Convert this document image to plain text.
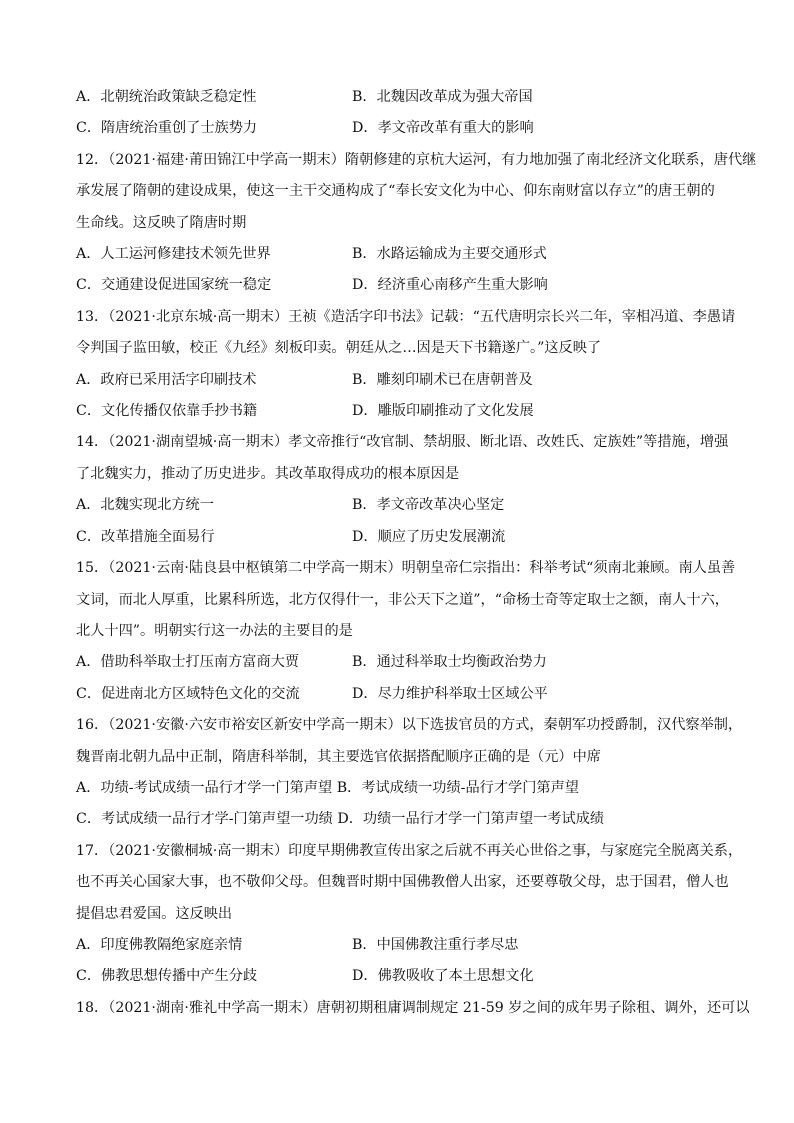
A．北朝统治政策缺乏稳定性	B．北魏因改革成为强大帝国
C．隋唐统治重创了士族势力	D．孝文帝改革有重大的影响
12．（2021·福建·莆田锦江中学高一期末）隋朝修建的京杭大运河，有力地加强了南北经济文化联系，唐代继
承发展了隋朝的建设成果，使这一主干交通构成了“奉长安文化为中心、仰东南财富以存立”的唐王朝的
生命线。这反映了隋唐时期
A．人工运河修建技术领先世界	B．水路运输成为主要交通形式
C．交通建设促进国家统一稳定	D．经济重心南移产生重大影响
13．（2021·北京东城·高一期末）王祯《造活字印书法》记载：“五代唐明宗长兴二年，宰相冯道、李愚请
令判国子监田敏，校正《九经》刻板印卖。朝廷从之…因是天下书籍遂广。”这反映了
A．政府已采用活字印刷技术	B．雕刻印刷术已在唐朝普及
C．文化传播仅依靠手抄书籍	D．雕版印刷推动了文化发展
14．（2021·湖南望城·高一期末）孝文帝推行“改官制、禁胡服、断北语、改姓氏、定族姓”等措施，增强
了北魏实力，推动了历史进步。其改革取得成功的根本原因是
A．北魏实现北方统一	B．孝文帝改革决心坚定
C．改革措施全面易行	D．顺应了历史发展潮流
15．（2021·云南·陆良县中枢镇第二中学高一期末）明朝皇帝仁宗指出：科举考试“须南北兼顾。南人虽善
文词，而北人厚重，比累科所选，北方仅得什一，非公天下之道”，“命杨士奇等定取士之额，南人十六，
北人十四”。明朝实行这一办法的主要目的是
A．借助科举取士打压南方富商大贾	B．通过科举取士均衡政治势力
C．促进南北方区域特色文化的交流	D．尽力维护科举取士区域公平
16．（2021·安徽·六安市裕安区新安中学高一期末）以下选拔官员的方式，秦朝军功授爵制，汉代察举制，
魏晋南北朝九品中正制，隋唐科举制，其主要选官依据搭配顺序正确的是（元）中席
A．功绩-考试成绩一品行才学一门第声望 B．考试成绩一功绩-品行才学门第声望
C．考试成绩一品行才学-门第声望一功绩 D．功绩一品行才学一门第声望一考试成绩
17．（2021·安徽桐城·高一期末）印度早期佛教宣传出家之后就不再关心世俗之事，与家庭完全脱离关系，
也不再关心国家大事，也不敬仰父母。但魏晋时期中国佛教僧人出家，还要尊敬父母，忠于国君，僧人也
提倡忠君爱国。这反映出
A．印度佛教隔绝家庭亲情	B．中国佛教注重行孝尽忠
C．佛教思想传播中产生分歧	D．佛教吸收了本土思想文化
18．（2021·湖南·雅礼中学高一期末）唐朝初期租庸调制规定 21-59 岁之间的成年男子除租、调外，还可以
